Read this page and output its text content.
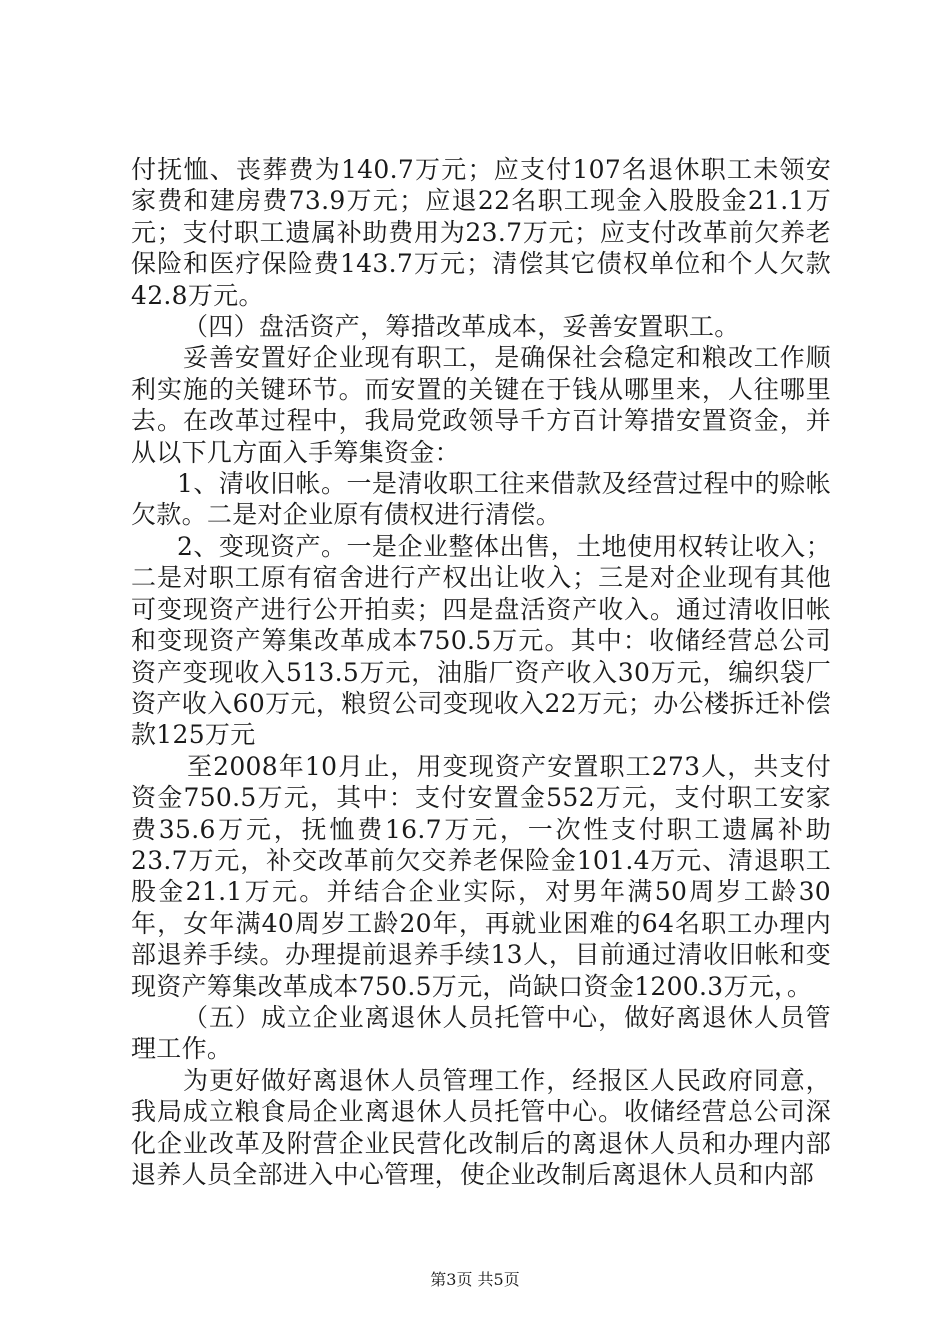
付抚恤、丧葬费为140.7万元；应支付107名退休职工未领安家费和建房费73.9万元；应退22名职工现金入股股金21.1万元；支付职工遗属补助费用为23.7万元；应支付改革前欠养老保险和医疗保险费143.7万元；清偿其它债权单位和个人欠款42.8万元。

（四）盘活资产，筹措改革成本，妥善安置职工。

妥善安置好企业现有职工，是确保社会稳定和粮改工作顺利实施的关键环节。而安置的关键在于钱从哪里来，人往哪里去。在改革过程中，我局党政领导千方百计筹措安置资金，并从以下几方面入手筹集资金：

1、清收旧帐。一是清收职工往来借款及经营过程中的赊帐欠款。二是对企业原有债权进行清偿。

2、变现资产。一是企业整体出售，土地使用权转让收入；二是对职工原有宿舍进行产权出让收入；三是对企业现有其他可变现资产进行公开拍卖；四是盘活资产收入。通过清收旧帐和变现资产筹集改革成本750.5万元。其中：收储经营总公司资产变现收入513.5万元，油脂厂资产收入30万元，编织袋厂资产收入60万元，粮贸公司变现收入22万元；办公楼拆迁补偿款125万元

至2008年10月止，用变现资产安置职工273人，共支付资金750.5万元，其中：支付安置金552万元，支付职工安家费35.6万元，抚恤费16.7万元，一次性支付职工遗属补助23.7万元，补交改革前欠交养老保险金101.4万元、清退职工股金21.1万元。并结合企业实际，对男年满50周岁工龄30年，女年满40周岁工龄20年，再就业困难的64名职工办理内部退养手续。办理提前退养手续13人，目前通过清收旧帐和变现资产筹集改革成本750.5万元，尚缺口资金1200.3万元，。

（五）成立企业离退休人员托管中心，做好离退休人员管理工作。

为更好做好离退休人员管理工作，经报区人民政府同意，我局成立粮食局企业离退休人员托管中心。收储经营总公司深化企业改革及附营企业民营化改制后的离退休人员和办理内部退养人员全部进入中心管理，使企业改制后离退休人员和内部

第3页 共5页
